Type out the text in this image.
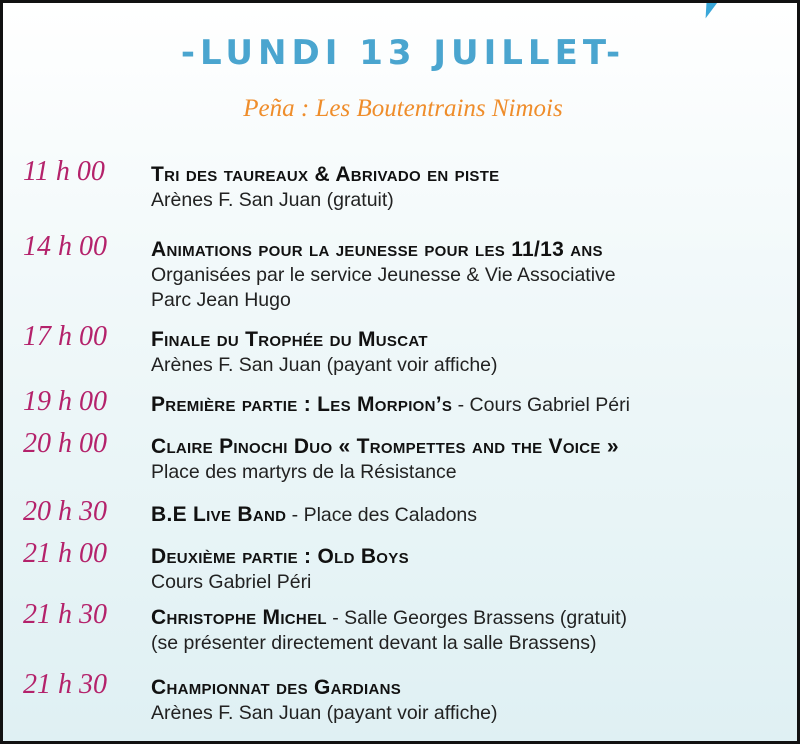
-LUNDI 13 JUILLET-
Peña : Les Boutentrains Nimois
11 h 00 Tri des taureaux & Abrivado en piste
Arènes F. San Juan (gratuit)
14 h 00 Animations pour la jeunesse pour les 11/13 ans
Organisées par le service Jeunesse & Vie Associative
Parc Jean Hugo
17 h 00 Finale du Trophée du Muscat
Arènes F. San Juan (payant voir affiche)
19 h 00 Première partie : Les Morpion’s - Cours Gabriel Péri
20 h 00 Claire Pinochi Duo « Trompettes and the Voice »
Place des martyrs de la Résistance
20 h 30 B.E Live Band - Place des Caladons
21 h 00 Deuxième partie : Old Boys
Cours Gabriel Péri
21 h 30 Christophe Michel - Salle Georges Brassens (gratuit)
(se présenter directement devant la salle Brassens)
21 h 30 Championnat des Gardians
Arènes F. San Juan (payant voir affiche)
